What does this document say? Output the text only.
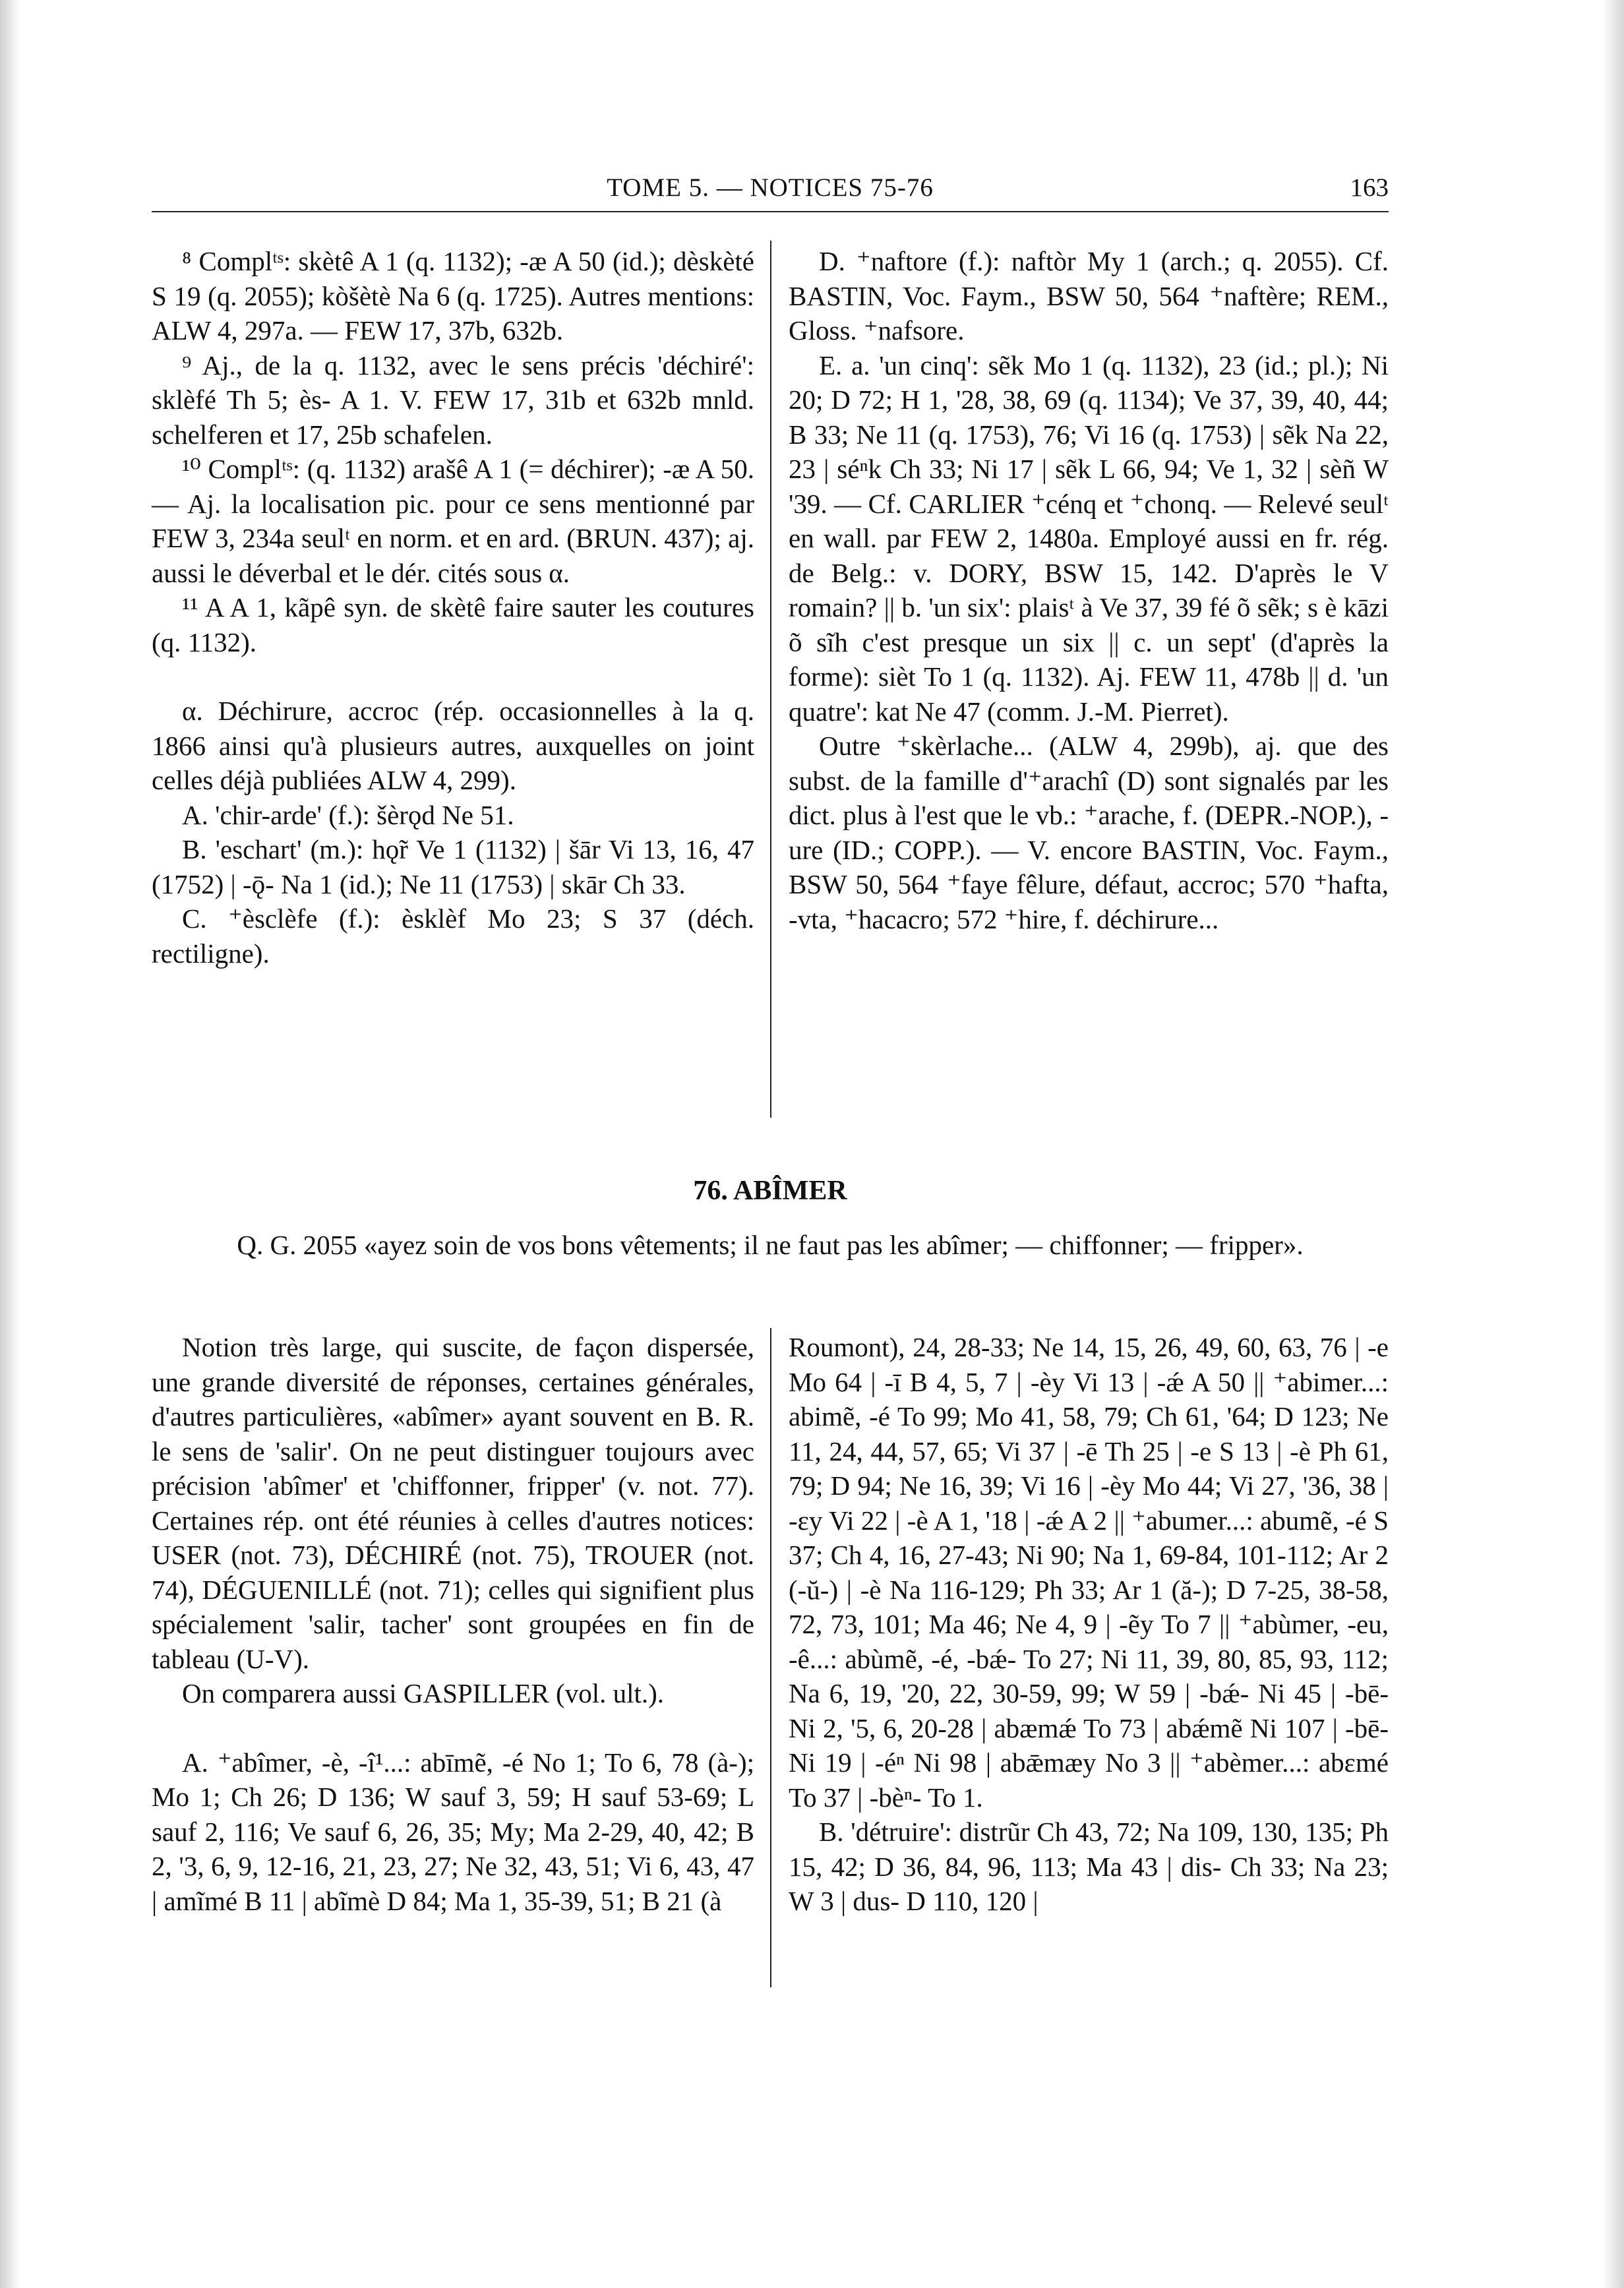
TOME 5. — NOTICES 75-76	163

⁸ Complᵗˢ: skètê A 1 (q. 1132); -æ A 50 (id.); dèskèté S 19 (q. 2055); kòšètè Na 6 (q. 1725). Autres mentions: ALW 4, 297a. — FEW 17, 37b, 632b.

⁹ Aj., de la q. 1132, avec le sens précis 'déchiré': sklèfé Th 5; ès- A 1. V. FEW 17, 31b et 632b mnld. schelferen et 17, 25b schafelen.

¹⁰ Complᵗˢ: (q. 1132) arašê A 1 (= déchirer); -æ A 50. — Aj. la localisation pic. pour ce sens mentionné par FEW 3, 234a seulᵗ en norm. et en ard. (BRUN. 437); aj. aussi le déverbal et le dér. cités sous α.

¹¹ A A 1, kãpê syn. de skètê faire sauter les coutures (q. 1132).

α. Déchirure, accroc (rép. occasionnelles à la q. 1866 ainsi qu'à plusieurs autres, auxquelles on joint celles déjà publiées ALW 4, 299).

A. 'chir-arde' (f.): šèrǫd Ne 51.

B. 'eschart' (m.): hǫ̃r Ve 1 (1132) | šār Vi 13, 16, 47 (1752) | -ǭ- Na 1 (id.); Ne 11 (1753) | skār Ch 33.

C. ⁺èsclèfe (f.): èsklèf Mo 23; S 37 (déch. rectiligne).

D. ⁺naftore (f.): naftòr My 1 (arch.; q. 2055). Cf. BASTIN, Voc. Faym., BSW 50, 564 ⁺naftère; REM., Gloss. ⁺nafsore.

E. a. 'un cinq': sẽk Mo 1 (q. 1132), 23 (id.; pl.); Ni 20; D 72; H 1, '28, 38, 69 (q. 1134); Ve 37, 39, 40, 44; B 33; Ne 11 (q. 1753), 76; Vi 16 (q. 1753) | sẽk Na 22, 23 | séⁿk Ch 33; Ni 17 | sẽk L 66, 94; Ve 1, 32 | sèñ W '39. — Cf. CARLIER ⁺cénq et ⁺chonq. — Relevé seulᵗ en wall. par FEW 2, 1480a. Employé aussi en fr. rég. de Belg.: v. DORY, BSW 15, 142. D'après le V romain? || b. 'un six': plaisᵗ à Ve 37, 39 fé õ sẽk; s è kāzi õ sĩh c'est presque un six || c. un sept' (d'après la forme): sièt To 1 (q. 1132). Aj. FEW 11, 478b || d. 'un quatre': kat Ne 47 (comm. J.-M. Pierret).

Outre ⁺skèrlache... (ALW 4, 299b), aj. que des subst. de la famille d'⁺arachî (D) sont signalés par les dict. plus à l'est que le vb.: ⁺arache, f. (DEPR.-NOP.), -ure (ID.; COPP.). — V. encore BASTIN, Voc. Faym., BSW 50, 564 ⁺faye fêlure, défaut, accroc; 570 ⁺hafta, -vta, ⁺hacacro; 572 ⁺hire, f. déchirure...

76. ABÎMER
Q. G. 2055 «ayez soin de vos bons vêtements; il ne faut pas les abîmer; — chiffonner; — fripper».

Notion très large, qui suscite, de façon dispersée, une grande diversité de réponses, certaines générales, d'autres particulières, «abîmer» ayant souvent en B. R. le sens de 'salir'. On ne peut distinguer toujours avec précision 'abîmer' et 'chiffonner, fripper' (v. not. 77). Certaines rép. ont été réunies à celles d'autres notices: USER (not. 73), DÉCHIRÉ (not. 75), TROUER (not. 74), DÉGUENILLÉ (not. 71); celles qui signifient plus spécialement 'salir, tacher' sont groupées en fin de tableau (U-V).

On comparera aussi GASPILLER (vol. ult.).

A. ⁺abîmer, -è, -î¹...: abīmẽ, -é No 1; To 6, 78 (à-); Mo 1; Ch 26; D 136; W sauf 3, 59; H sauf 53-69; L sauf 2, 116; Ve sauf 6, 26, 35; My; Ma 2-29, 40, 42; B 2, '3, 6, 9, 12-16, 21, 23, 27; Ne 32, 43, 51; Vi 6, 43, 47 | amĩmé B 11 | abĩmè D 84; Ma 1, 35-39, 51; B 21 (à

Roumont), 24, 28-33; Ne 14, 15, 26, 49, 60, 63, 76 | -e Mo 64 | -ī B 4, 5, 7 | -èy Vi 13 | -ǽ A 50 || ⁺abimer...: abimẽ, -é To 99; Mo 41, 58, 79; Ch 61, '64; D 123; Ne 11, 24, 44, 57, 65; Vi 37 | -ē Th 25 | -e S 13 | -è Ph 61, 79; D 94; Ne 16, 39; Vi 16 | -èy Mo 44; Vi 27, '36, 38 | -ɛy Vi 22 | -è A 1, '18 | -ǽ A 2 || ⁺abumer...: abumẽ, -é S 37; Ch 4, 16, 27-43; Ni 90; Na 1, 69-84, 101-112; Ar 2 (-ŭ-) | -è Na 116-129; Ph 33; Ar 1 (ă-); D 7-25, 38-58, 72, 73, 101; Ma 46; Ne 4, 9 | -ẽy To 7 || ⁺abùmer, -eu, -ê...: abùmẽ, -é, -bǽ- To 27; Ni 11, 39, 80, 85, 93, 112; Na 6, 19, '20, 22, 30-59, 99; W 59 | -bǽ- Ni 45 | -bē- Ni 2, '5, 6, 20-28 | abæmǽ To 73 | abǽmẽ Ni 107 | -bē- Ni 19 | -éⁿ Ni 98 | abǣmæy No 3 || ⁺abèmer...: abɛmé To 37 | -bèⁿ- To 1.

B. 'détruire': distrũr Ch 43, 72; Na 109, 130, 135; Ph 15, 42; D 36, 84, 96, 113; Ma 43 | dis- Ch 33; Na 23; W 3 | dus- D 110, 120 |
